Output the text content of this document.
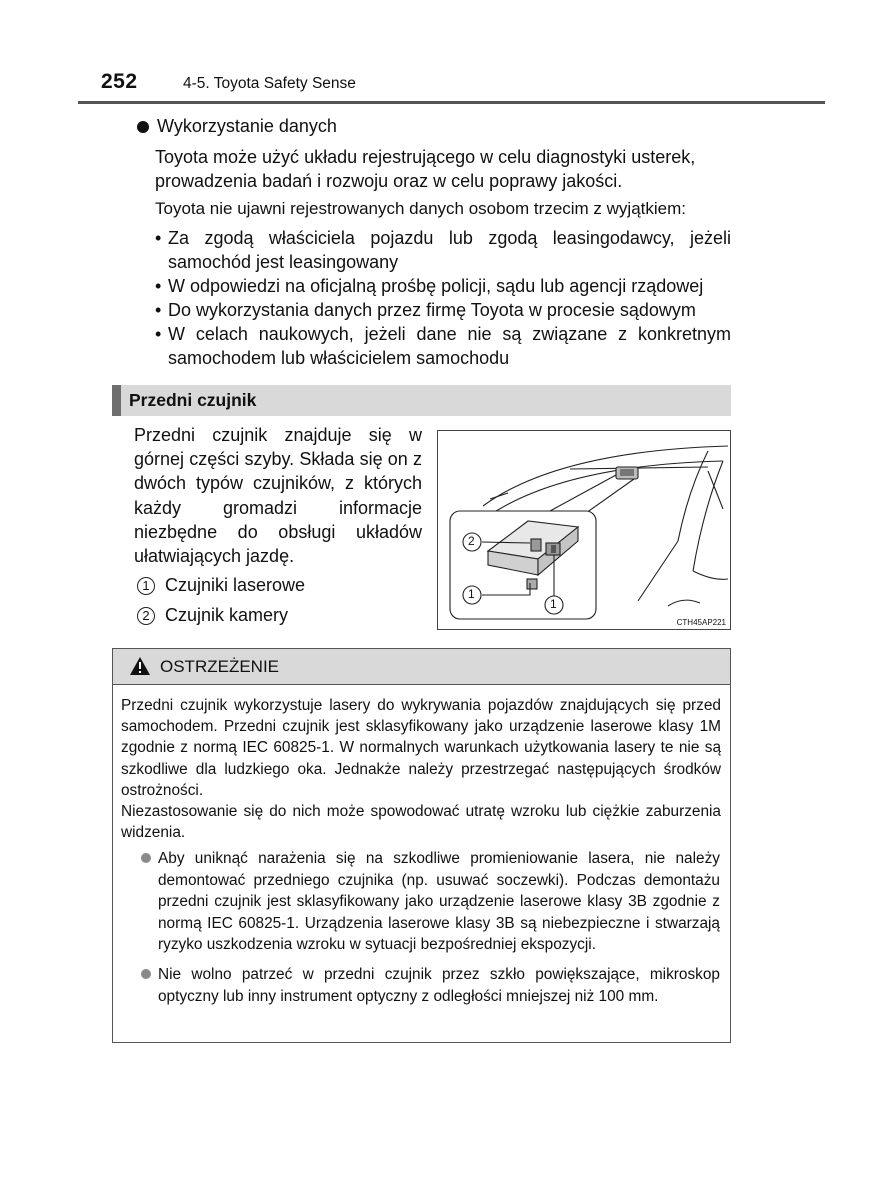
252	4-5. Toyota Safety Sense
Wykorzystanie danych
Toyota może użyć układu rejestrującego w celu diagnostyki usterek, prowadzenia badań i rozwoju oraz w celu poprawy jakości.
Toyota nie ujawni rejestrowanych danych osobom trzecim z wyjątkiem:
• Za zgodą właściciela pojazdu lub zgodą leasingodawcy, jeżeli samochód jest leasingowany
• W odpowiedzi na oficjalną prośbę policji, sądu lub agencji rządowej
• Do wykorzystania danych przez firmę Toyota w procesie sądowym
• W celach naukowych, jeżeli dane nie są związane z konkretnym samochodem lub właścicielem samochodu
Przedni czujnik
Przedni czujnik znajduje się w górnej części szyby. Składa się on z dwóch typów czujników, z których każdy gromadzi informacje niezbędne do obsługi układów ułatwiających jazdę.
1 Czujniki laserowe
2 Czujnik kamery
2
1
1
CTH45AP221
OSTRZEŻENIE

Przedni czujnik wykorzystuje lasery do wykrywania pojazdów znajdujących się przed samochodem. Przedni czujnik jest sklasyfikowany jako urządzenie laserowe klasy 1M zgodnie z normą IEC 60825-1. W normalnych warunkach użytkowania lasery te nie są szkodliwe dla ludzkiego oka. Jednakże należy przestrzegać następujących środków ostrożności.

Niezastosowanie się do nich może spowodować utratę wzroku lub ciężkie zaburzenia widzenia.

Aby uniknąć narażenia się na szkodliwe promieniowanie lasera, nie należy demontować przedniego czujnika (np. usuwać soczewki). Podczas demontażu przedni czujnik jest sklasyfikowany jako urządzenie laserowe klasy 3B zgodnie z normą IEC 60825-1. Urządzenia laserowe klasy 3B są niebezpieczne i stwarzają ryzyko uszkodzenia wzroku w sytuacji bezpośredniej ekspozycji.
Nie wolno patrzeć w przedni czujnik przez szkło powiększające, mikroskop optyczny lub inny instrument optyczny z odległości mniejszej niż 100 mm.
